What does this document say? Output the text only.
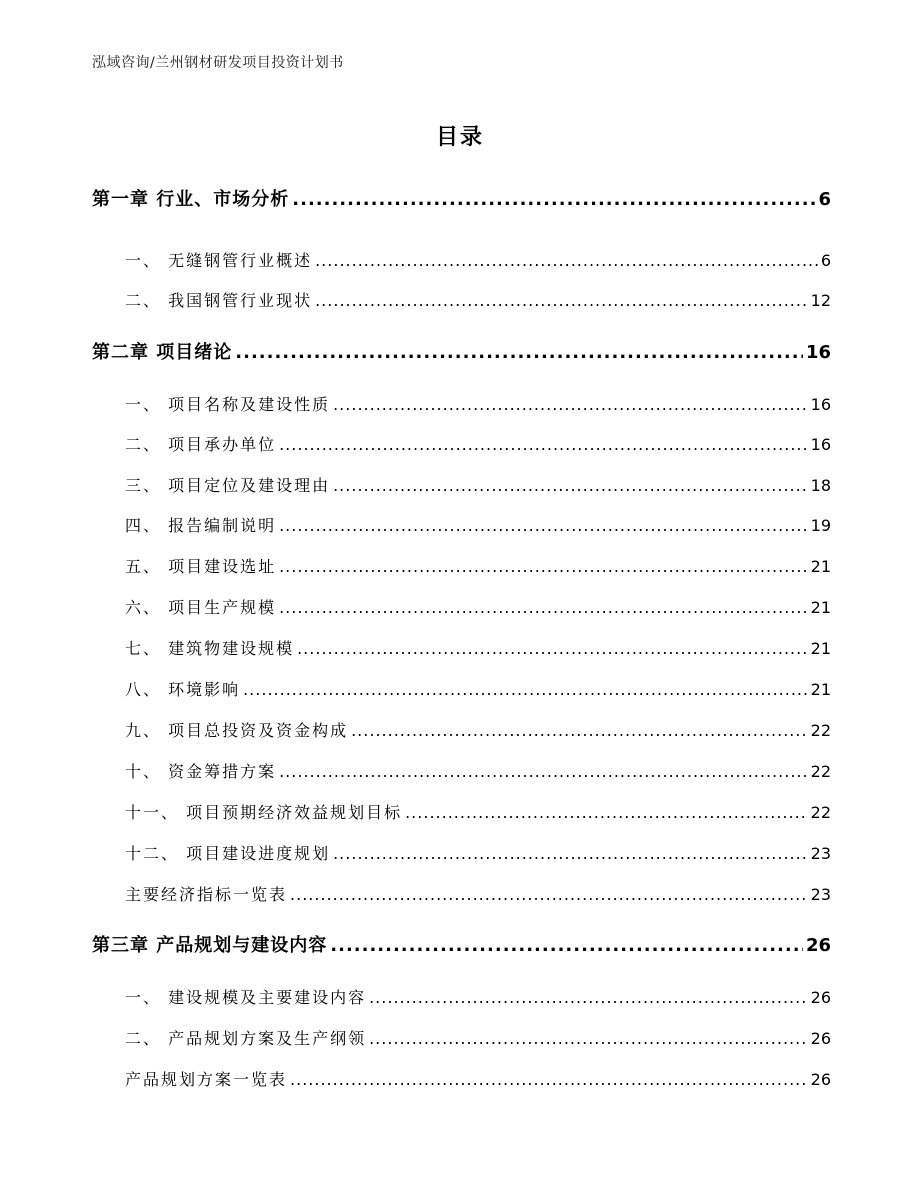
泓域咨询/兰州钢材研发项目投资计划书
目录
第一章 行业、市场分析 .....	6
一、 无缝钢管行业概述 .....	6
二、 我国钢管行业现状 .....	12
第二章 项目绪论 .....	16
一、 项目名称及建设性质 .....	16
二、 项目承办单位 .....	16
三、 项目定位及建设理由 .....	18
四、 报告编制说明 .....	19
五、 项目建设选址 .....	21
六、 项目生产规模 .....	21
七、 建筑物建设规模 .....	21
八、 环境影响 .....	21
九、 项目总投资及资金构成 .....	22
十、 资金筹措方案 .....	22
十一、 项目预期经济效益规划目标 .....	22
十二、 项目建设进度规划 .....	23
主要经济指标一览表 .....	23
第三章 产品规划与建设内容 .....	26
一、 建设规模及主要建设内容 .....	26
二、 产品规划方案及生产纲领 .....	26
产品规划方案一览表 .....	26
